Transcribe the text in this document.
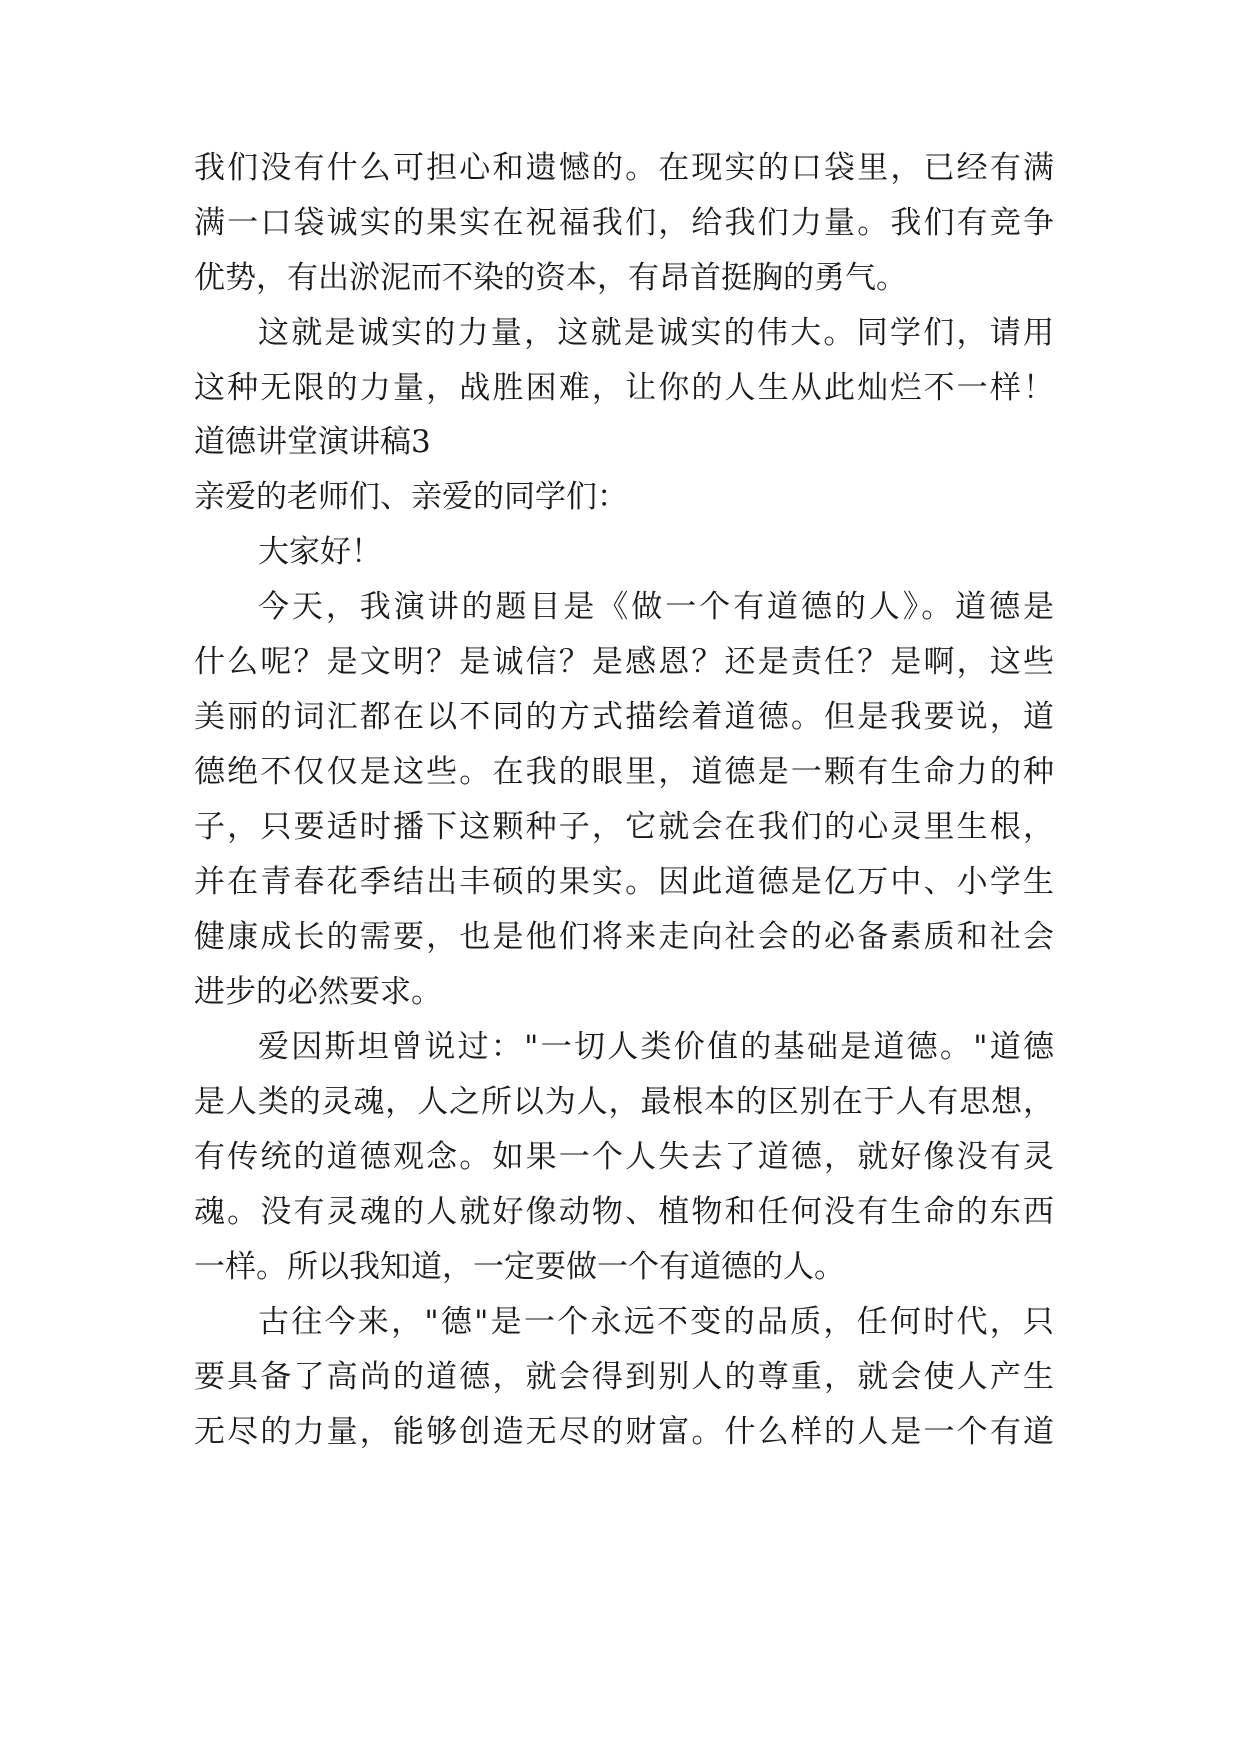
我们没有什么可担心和遗憾的。在现实的口袋里，已经有满
满一口袋诚实的果实在祝福我们，给我们力量。我们有竞争
优势，有出淤泥而不染的资本，有昂首挺胸的勇气。
这就是诚实的力量，这就是诚实的伟大。同学们，请用
这种无限的力量，战胜困难，让你的人生从此灿烂不一样！
道德讲堂演讲稿3
亲爱的老师们、亲爱的同学们：
大家好！
今天，我演讲的题目是《做一个有道德的人》。道德是
什么呢？是文明？是诚信？是感恩？还是责任？是啊，这些
美丽的词汇都在以不同的方式描绘着道德。但是我要说，道
德绝不仅仅是这些。在我的眼里，道德是一颗有生命力的种
子，只要适时播下这颗种子，它就会在我们的心灵里生根，
并在青春花季结出丰硕的果实。因此道德是亿万中、小学生
健康成长的需要，也是他们将来走向社会的必备素质和社会
进步的必然要求。
爱因斯坦曾说过："一切人类价值的基础是道德。"道德
是人类的灵魂，人之所以为人，最根本的区别在于人有思想，
有传统的道德观念。如果一个人失去了道德，就好像没有灵
魂。没有灵魂的人就好像动物、植物和任何没有生命的东西
一样。所以我知道，一定要做一个有道德的人。
古往今来，"德"是一个永远不变的品质，任何时代，只
要具备了高尚的道德，就会得到别人的尊重，就会使人产生
无尽的力量，能够创造无尽的财富。什么样的人是一个有道
